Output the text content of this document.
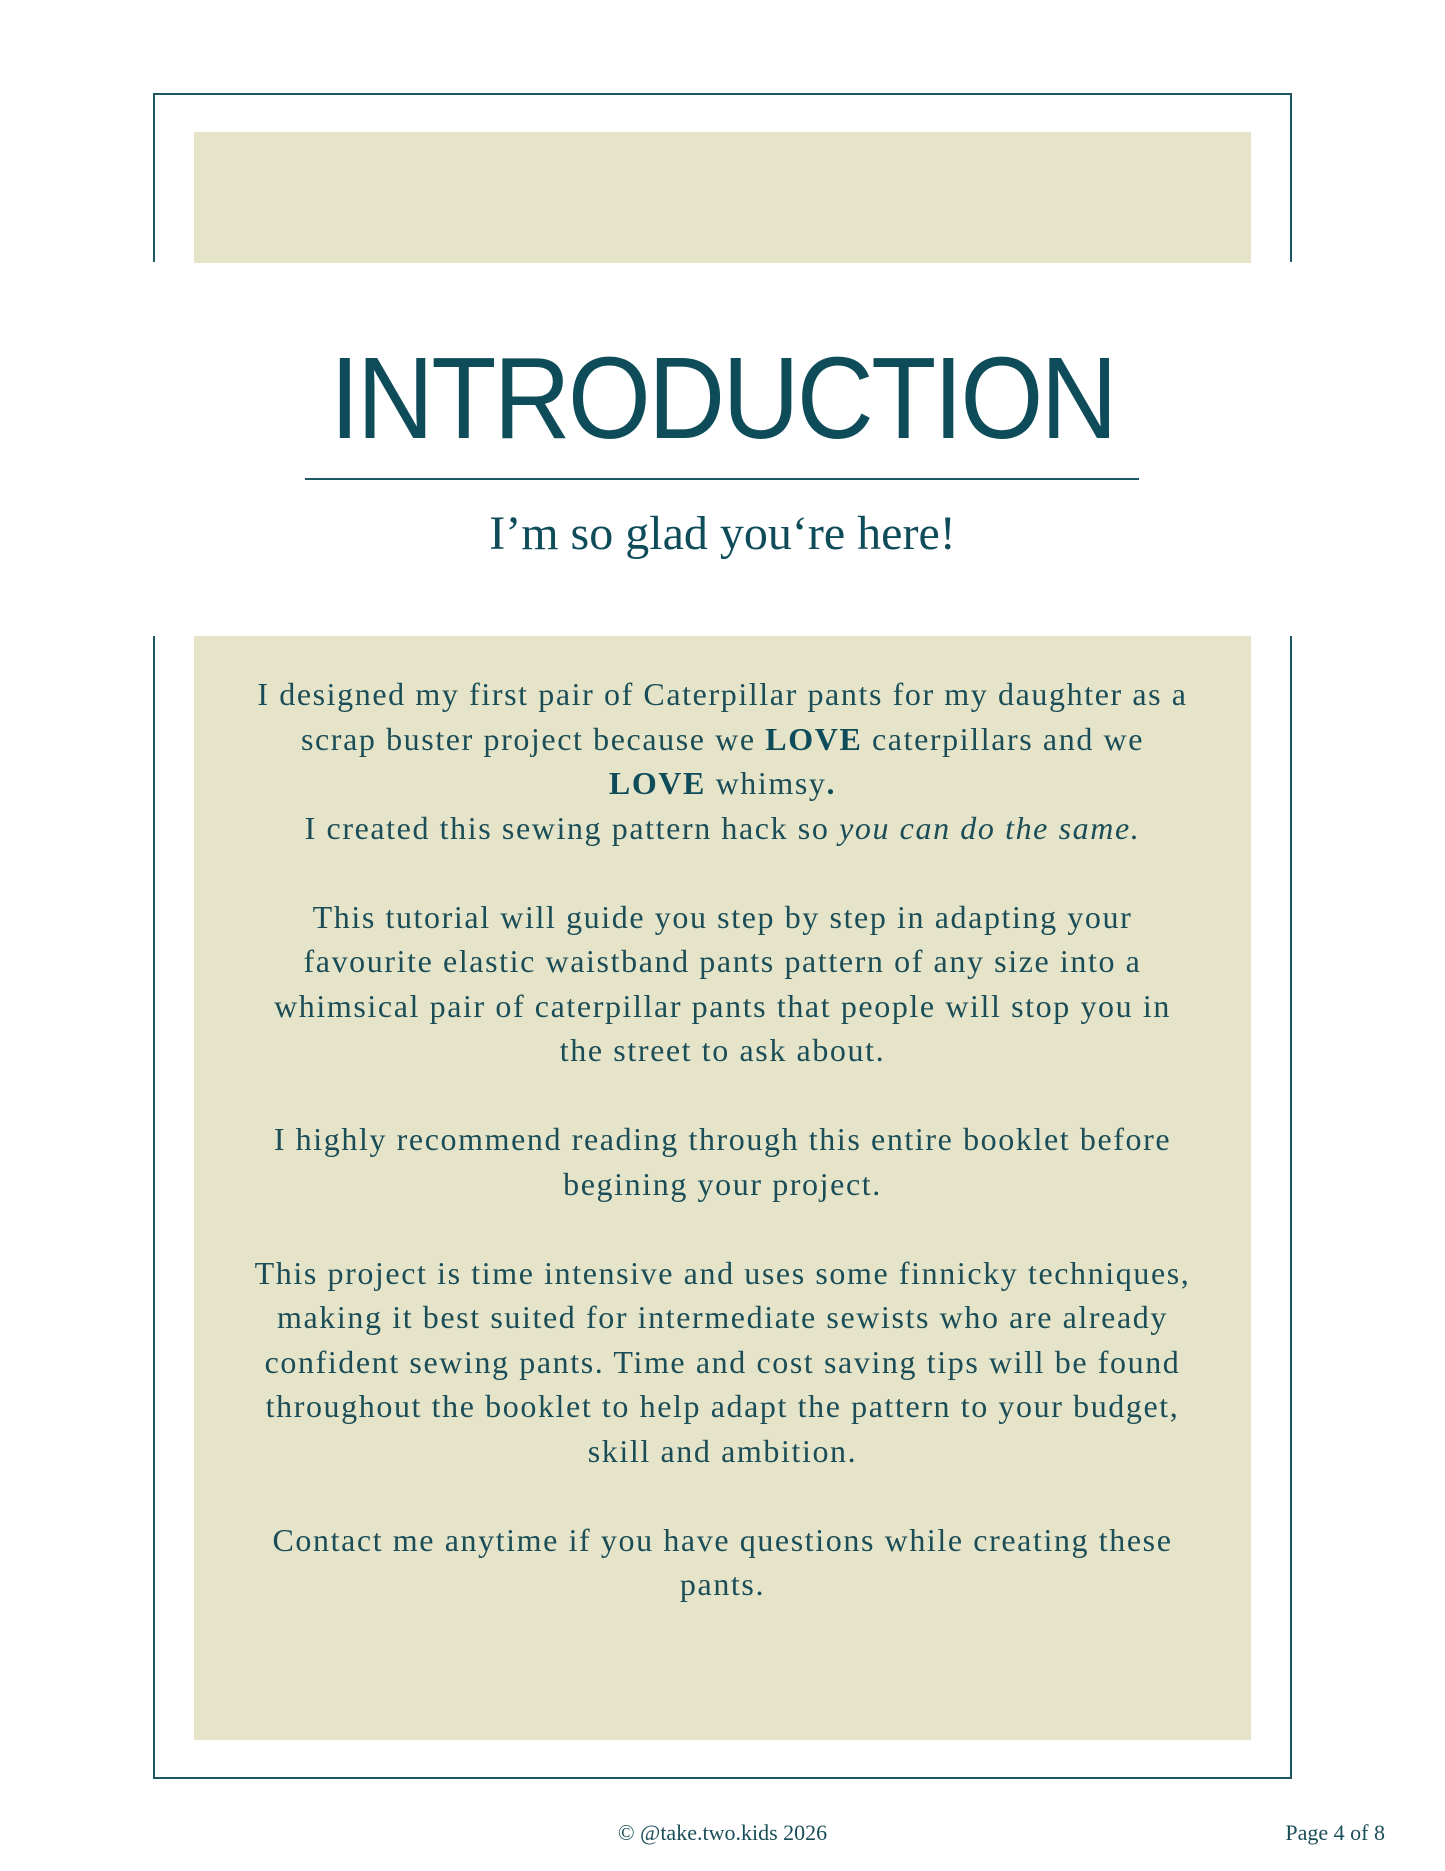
INTRODUCTION
I’m so glad you‘re here!

I designed my first pair of Caterpillar pants for my daughter as a scrap buster project because we LOVE caterpillars and we LOVE whimsy.
I created this sewing pattern hack so you can do the same.

This tutorial will guide you step by step in adapting your favourite elastic waistband pants pattern of any size into a whimsical pair of caterpillar pants that people will stop you in the street to ask about.

I highly recommend reading through this entire booklet before begining your project.

This project is time intensive and uses some finnicky techniques, making it best suited for intermediate sewists who are already confident sewing pants. Time and cost saving tips will be found throughout the booklet to help adapt the pattern to your budget, skill and ambition.

Contact me anytime if you have questions while creating these pants.

© @take.two.kids 2026	Page 4 of 8
